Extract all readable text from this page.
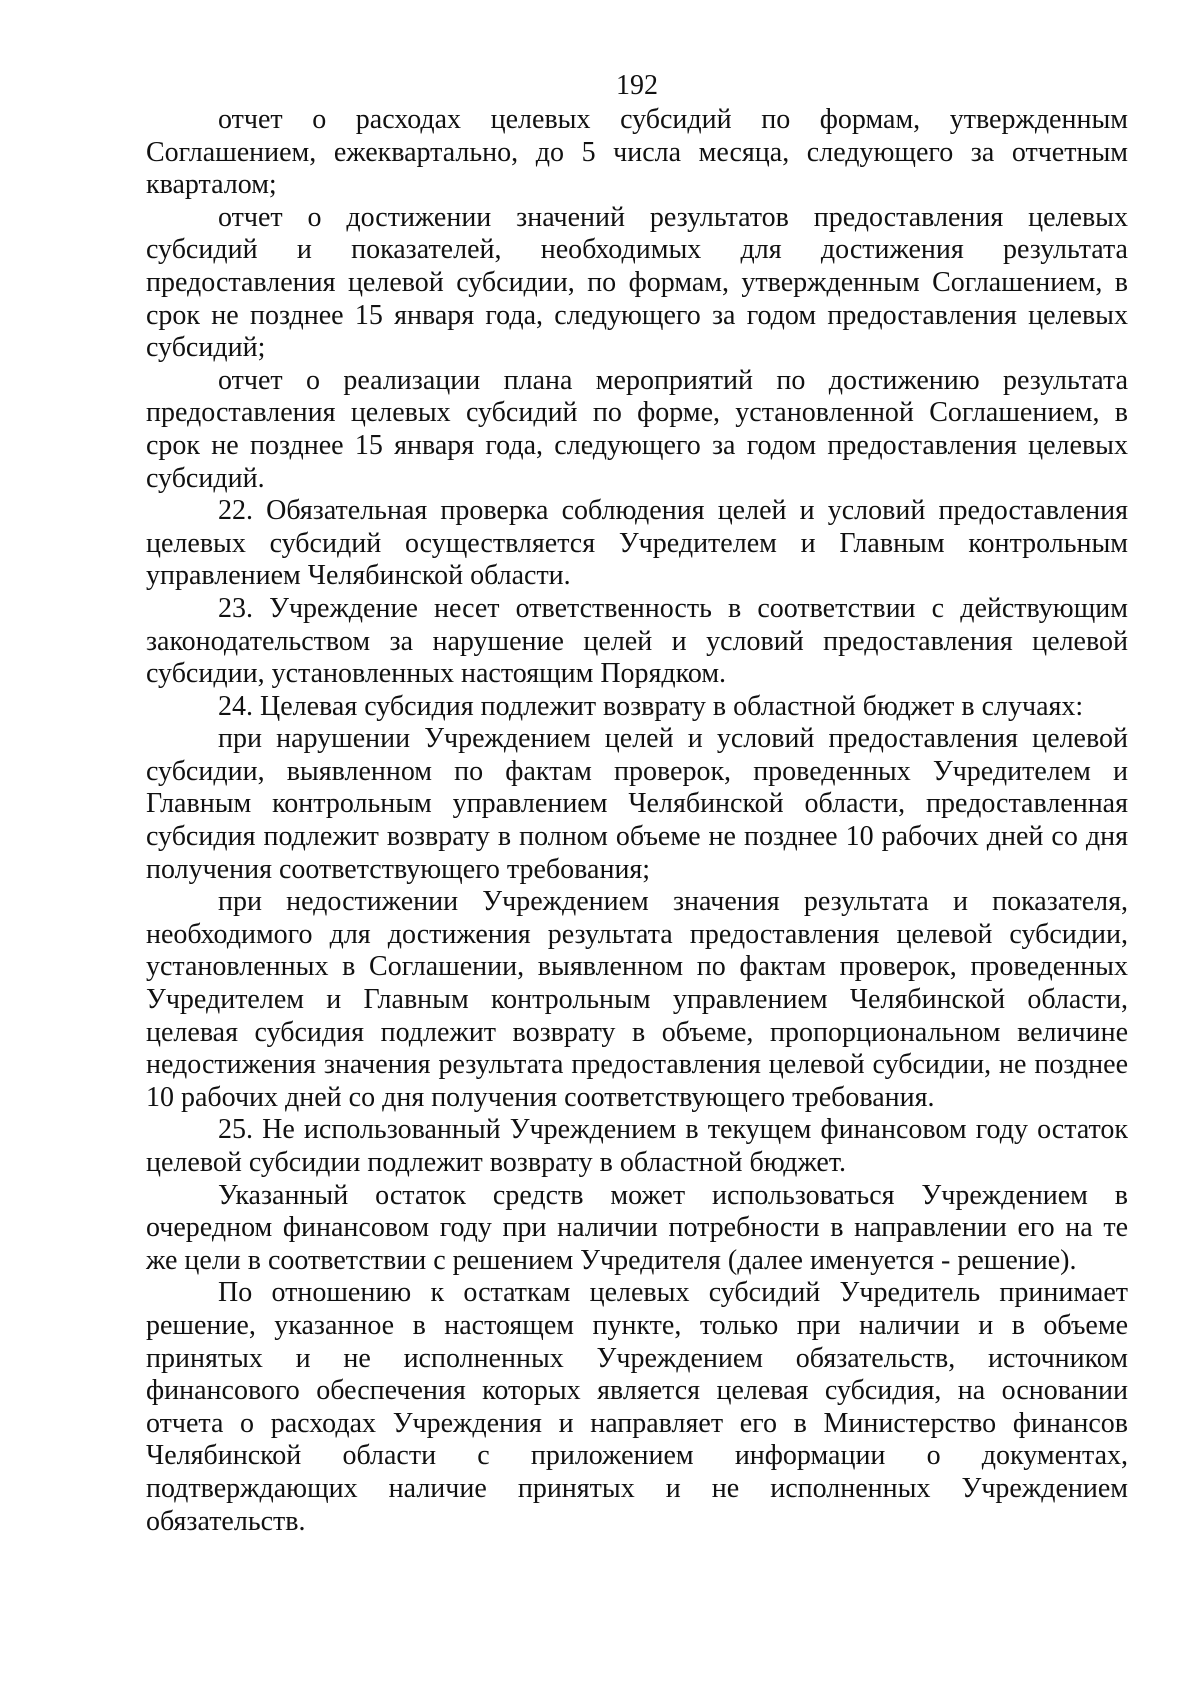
192

отчет о расходах целевых субсидий по формам, утвержденным Соглашением, ежеквартально, до 5 числа месяца, следующего за отчетным кварталом;

отчет о достижении значений результатов предоставления целевых субсидий и показателей, необходимых для достижения результата предоставления целевой субсидии, по формам, утвержденным Соглашением, в срок не позднее 15 января года, следующего за годом предоставления целевых субсидий;

отчет о реализации плана мероприятий по достижению результата предоставления целевых субсидий по форме, установленной Соглашением, в срок не позднее 15 января года, следующего за годом предоставления целевых субсидий.

22. Обязательная проверка соблюдения целей и условий предоставления целевых субсидий осуществляется Учредителем и Главным контрольным управлением Челябинской области.

23. Учреждение несет ответственность в соответствии с действующим законодательством за нарушение целей и условий предоставления целевой субсидии, установленных настоящим Порядком.

24. Целевая субсидия подлежит возврату в областной бюджет в случаях:

при нарушении Учреждением целей и условий предоставления целевой субсидии, выявленном по фактам проверок, проведенных Учредителем и Главным контрольным управлением Челябинской области, предоставленная субсидия подлежит возврату в полном объеме не позднее 10 рабочих дней со дня получения соответствующего требования;

при недостижении Учреждением значения результата и показателя, необходимого для достижения результата предоставления целевой субсидии, установленных в Соглашении, выявленном по фактам проверок, проведенных Учредителем и Главным контрольным управлением Челябинской области, целевая субсидия подлежит возврату в объеме, пропорциональном величине недостижения значения результата предоставления целевой субсидии, не позднее 10 рабочих дней со дня получения соответствующего требования.

25. Не использованный Учреждением в текущем финансовом году остаток целевой субсидии подлежит возврату в областной бюджет.

Указанный остаток средств может использоваться Учреждением в очередном финансовом году при наличии потребности в направлении его на те же цели в соответствии с решением Учредителя (далее именуется - решение).

По отношению к остаткам целевых субсидий Учредитель принимает решение, указанное в настоящем пункте, только при наличии и в объеме принятых и не исполненных Учреждением обязательств, источником финансового обеспечения которых является целевая субсидия, на основании отчета о расходах Учреждения и направляет его в Министерство финансов Челябинской области с приложением информации о документах, подтверждающих наличие принятых и не исполненных Учреждением обязательств.
